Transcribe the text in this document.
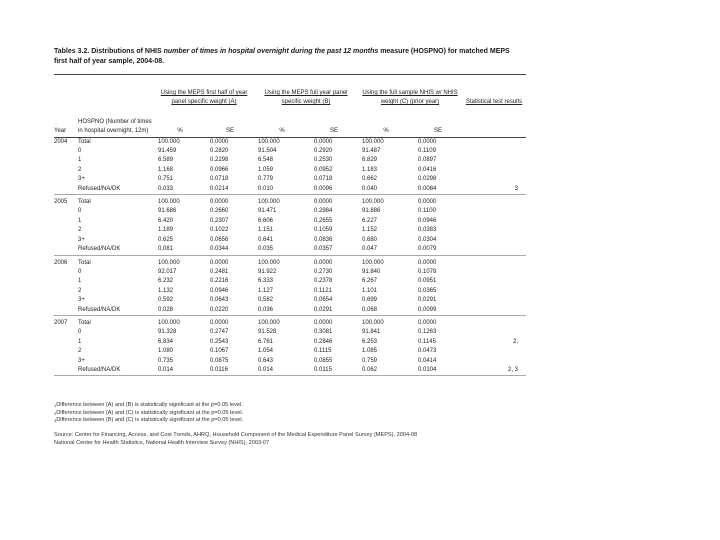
Tables 3.2. Distributions of NHIS number of times in hospital overnight during the past 12 months measure (HOSPNO) for matched MEPS first half of year sample, 2004-08.
		Using the MEPS first half of year panel specific weight (A)		Using the MEPS full year panel specific weight (B)		Using the full sample NHIS w/ NHIS weight (C) (prior year)		Statistical test results
Year	HOSPNO (Number of times in hospital overnight, 12m)	%	SE	%	SE	%	SE	
2004	Total	100.000	0.0000	100.000	0.0000	100.000	0.0000	
	0	91.459	0.2820	91.504	0.2920	91.487	0.1109	
	1	6.589	0.2298	6.548	0.2530	6.829	0.0897	
	2	1.168	0.0966	1.059	0.0952	1.183	0.0416	
	3+	0.751	0.0718	0.779	0.0718	0.662	0.0298	
	Refused/NA/DK	0.033	0.0214	0.010	0.0096	0.040	0.0084	3
2005	Total	100.000	0.0000	100.000	0.0000	100.000	0.0000	
	0	91.686	0.2660	91.471	0.2984	91.886	0.1100	
	1	6.420	0.2307	6.606	0.2655	6.227	0.0946	
	2	1.189	0.1022	1.151	0.1059	1.152	0.0383	
	3+	0.625	0.0656	0.641	0.0836	0.680	0.0304	
	Refused/NA/DK	0.081	0.0344	0.035	0.0357	0.047	0.0079	
2006	Total	100.000	0.0000	100.000	0.0000	100.000	0.0000	
	0	92.017	0.2481	91.922	0.2730	91.840	0.1078	
	1	6.232	0.2216	6.333	0.2378	6.267	0.0951	
	2	1.132	0.0946	1.127	0.1121	1.101	0.0365	
	3+	0.592	0.0643	0.582	0.0654	0.699	0.0291	
	Refused/NA/DK	0.028	0.0220	0.036	0.0291	0.068	0.0099	
2007	Total	100.000	0.0000	100.000	0.0000	100.000	0.0000	
	0	91.328	0.2747	91.528	0.3081	91.841	0.1263	
	1	6.834	0.2543	6.761	0.2846	6.253	0.1145	2,
	2	1.080	0.1067	1.054	0.1115	1.085	0.0473	
	3+	0.735	0.0875	0.643	0.0855	0.759	0.0414	
	Refused/NA/DK	0.014	0.0116	0.014	0.0115	0.062	0.0104	2, 3
$^1$Difference between (A) and (B) is statistically significant at the p=0.05 level.
$^2$Difference between (A) and (C) is statistically significant at the p=0.05 level.
$^3$Difference between (B) and (C) is statistically significant at the p=0.05 level.
Source: Center for Financing, Access, and Cost Trends, AHRQ, Household Component of the Medical Expenditure Panel Survey (MEPS), 2004-08
National Center for Health Statistics, National Health Interview Survey (NHIS), 2003-07
